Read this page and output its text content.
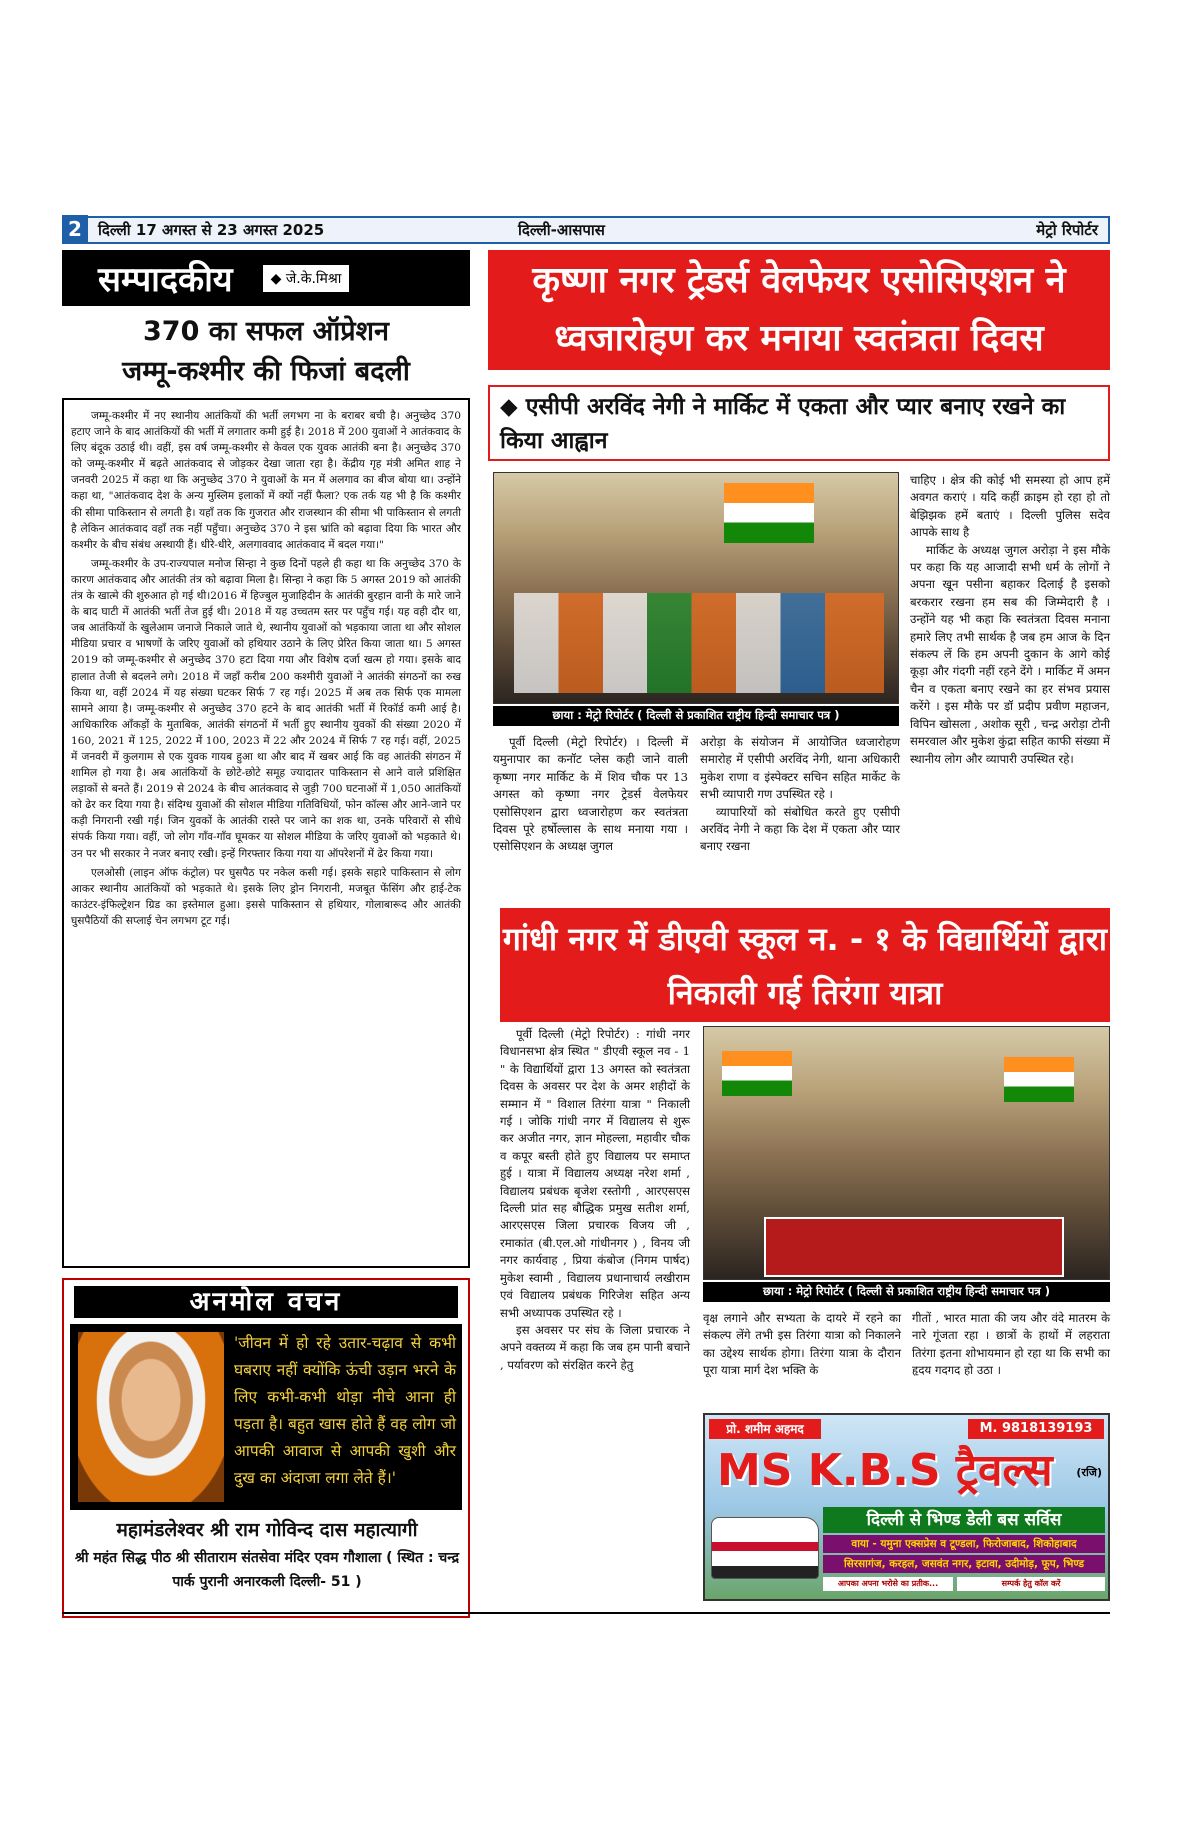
2	दिल्ली 17 अगस्त से 23 अगस्त 2025	दिल्ली-आसपास	मेट्रो रिपोर्टर
सम्पादकीय	◆ जे.के.मिश्रा
370 का सफल ऑप्रेशन
जम्मू-कश्मीर की फिजां बदली

जम्मू-कश्मीर में नए स्थानीय आतंकियों की भर्ती लगभग ना के बराबर बची है। अनुच्छेद 370 हटाए जाने के बाद आतंकियों की भर्ती में लगातार कमी हुई है। 2018 में 200 युवाओं ने आतंकवाद के लिए बंदूक उठाई थी। वहीं, इस वर्ष जम्मू-कश्मीर से केवल एक युवक आतंकी बना है। अनुच्छेद 370 को जम्मू-कश्मीर में बढ़ते आतंकवाद से जोड़कर देखा जाता रहा है। केंद्रीय गृह मंत्री अमित शाह ने जनवरी 2025 में कहा था कि अनुच्छेद 370 ने युवाओं के मन में अलगाव का बीज बोया था। उन्होंने कहा था, "आतंकवाद देश के अन्य मुस्लिम इलाकों में क्यों नहीं फैला? एक तर्क यह भी है कि कश्मीर की सीमा पाकिस्तान से लगती है। यहाँ तक कि गुजरात और राजस्थान की सीमा भी पाकिस्तान से लगती है लेकिन आतंकवाद वहाँ तक नहीं पहुँचा। अनुच्छेद 370 ने इस भ्रांति को बढ़ावा दिया कि भारत और कश्मीर के बीच संबंध अस्थायी हैं। धीरे-धीरे, अलगाववाद आतंकवाद में बदल गया।"

जम्मू-कश्मीर के उप-राज्यपाल मनोज सिन्हा ने कुछ दिनों पहले ही कहा था कि अनुच्छेद 370 के कारण आतंकवाद और आतंकी तंत्र को बढ़ावा मिला है। सिन्हा ने कहा कि 5 अगस्त 2019 को आतंकी तंत्र के खात्मे की शुरुआत हो गई थी।2016 में हिज्बुल मुजाहिदीन के आतंकी बुरहान वानी के मारे जाने के बाद घाटी में आतंकी भर्ती तेज हुई थी। 2018 में यह उच्चतम स्तर पर पहुँच गई। यह वही दौर था, जब आतंकियों के खुलेआम जनाजे निकाले जाते थे, स्थानीय युवाओं को भड़काया जाता था और सोशल मीडिया प्रचार व भाषणों के जरिए युवाओं को हथियार उठाने के लिए प्रेरित किया जाता था। 5 अगस्त 2019 को जम्मू-कश्मीर से अनुच्छेद 370 हटा दिया गया और विशेष दर्जा खत्म हो गया। इसके बाद हालात तेजी से बदलने लगे। 2018 में जहाँ करीब 200 कश्मीरी युवाओं ने आतंकी संगठनों का रुख किया था, वहीं 2024 में यह संख्या घटकर सिर्फ 7 रह गई। 2025 में अब तक सिर्फ एक मामला सामने आया है। जम्मू-कश्मीर से अनुच्छेद 370 हटने के बाद आतंकी भर्ती में रिकॉर्ड कमी आई है। आधिकारिक आँकड़ों के मुताबिक, आतंकी संगठनों में भर्ती हुए स्थानीय युवकों की संख्या 2020 में 160, 2021 में 125, 2022 में 100, 2023 में 22 और 2024 में सिर्फ 7 रह गई। वहीं, 2025 में जनवरी में कुलगाम से एक युवक गायब हुआ था और बाद में खबर आई कि वह आतंकी संगठन में शामिल हो गया है। अब आतंकियों के छोटे-छोटे समूह ज्यादातर पाकिस्तान से आने वाले प्रशिक्षित लड़ाकों से बनते हैं। 2019 से 2024 के बीच आतंकवाद से जुड़ी 700 घटनाओं में 1,050 आतंकियों को ढेर कर दिया गया है। संदिग्ध युवाओं की सोशल मीडिया गतिविधियों, फोन कॉल्स और आने-जाने पर कड़ी निगरानी रखी गई। जिन युवकों के आतंकी रास्ते पर जाने का शक था, उनके परिवारों से सीधे संपर्क किया गया। वहीं, जो लोग गाँव-गाँव घूमकर या सोशल मीडिया के जरिए युवाओं को भड़काते थे। उन पर भी सरकार ने नजर बनाए रखी। इन्हें गिरफ्तार किया गया या ऑपरेशनों में ढेर किया गया।

एलओसी (लाइन ऑफ कंट्रोल) पर घुसपैठ पर नकेल कसी गई। इसके सहारे पाकिस्तान से लोग आकर स्थानीय आतंकियों को भड़काते थे। इसके लिए ड्रोन निगरानी, मजबूत फेंसिंग और हाई-टेक काउंटर-इंफिल्ट्रेशन ग्रिड का इस्तेमाल हुआ। इससे पाकिस्तान से हथियार, गोलाबारूद और आतंकी घुसपैठियों की सप्लाई चेन लगभग टूट गई।

अनमोल वचन
'जीवन में हो रहे उतार-चढ़ाव से कभी घबराए नहीं क्योंकि ऊंची उड़ान भरने के लिए कभी-कभी थोड़ा नीचे आना ही पड़ता है। बहुत खास होते हैं वह लोग जो आपकी आवाज से आपकी खुशी और दुख का अंदाजा लगा लेते हैं।'
महामंडलेश्वर श्री राम गोविन्द दास महात्यागी
श्री महंत सिद्ध पीठ श्री सीताराम संतसेवा मंदिर एवम गौशाला ( स्थित : चन्द्र पार्क पुरानी अनारकली दिल्ली- 51 )
कृष्णा नगर ट्रेडर्स वेलफेयर एसोसिएशन ने ध्वजारोहण कर मनाया स्वतंत्रता दिवस
◆ एसीपी अरविंद नेगी ने मार्किट में एकता और प्यार बनाए रखने का किया आह्वान
छाया : मेट्रो रिपोर्टर ( दिल्ली से प्रकाशित राष्ट्रीय हिन्दी समाचार पत्र )

पूर्वी दिल्ली (मेट्रो रिपोर्टर) । दिल्ली में यमुनापार का कनॉट प्लेस कही जाने वाली कृष्णा नगर मार्किट के में शिव चौक पर 13 अगस्त को कृष्णा नगर ट्रेडर्स वेलफेयर एसोसिएशन द्वारा ध्वजारोहण कर स्वतंत्रता दिवस पूरे हर्षोल्लास के साथ मनाया गया । एसोसिएशन के अध्यक्ष जुगल

अरोड़ा के संयोजन में आयोजित ध्वजारोहण समारोह में एसीपी अरविंद नेगी, थाना अधिकारी मुकेश राणा व इंस्पेक्टर सचिन सहित मार्केट के सभी व्यापारी गण उपस्थित रहे ।

व्यापारियों को संबोधित करते हुए एसीपी अरविंद नेगी ने कहा कि देश में एकता और प्यार बनाए रखना

चाहिए । क्षेत्र की कोई भी समस्या हो आप हमें अवगत कराएं । यदि कहीं क्राइम हो रहा हो तो बेझिझक हमें बताएं । दिल्ली पुलिस सदेव आपके साथ है

मार्किट के अध्यक्ष जुगल अरोड़ा ने इस मौके पर कहा कि यह आजादी सभी धर्म के लोगों ने अपना खून पसीना बहाकर दिलाई है इसको बरकरार रखना हम सब की जिम्मेदारी है । उन्होंने यह भी कहा कि स्वतंत्रता दिवस मनाना हमारे लिए तभी सार्थक है जब हम आज के दिन संकल्प लें कि हम अपनी दुकान के आगे कोई कूड़ा और गंदगी नहीं रहने देंगे । मार्किट में अमन चैन व एकता बनाए रखने का हर संभव प्रयास करेंगे । इस मौके पर डॉ प्रदीप प्रवीण महाजन, विपिन खोसला , अशोक सूरी , चन्द्र अरोड़ा टोनी समरवाल और मुकेश कुंद्रा सहित काफी संख्या में स्थानीय लोग और व्यापारी उपस्थित रहे।

गांधी नगर में डीएवी स्कूल न. - १ के विद्यार्थियों द्वारा निकाली गई तिरंगा यात्रा

पूर्वी दिल्ली (मेट्रो रिपोर्टर) : गांधी नगर विधानसभा क्षेत्र स्थित " डीएवी स्कूल नव - 1 " के विद्यार्थियों द्वारा 13 अगस्त को स्वतंत्रता दिवस के अवसर पर देश के अमर शहीदों के सम्मान में " विशाल तिरंगा यात्रा " निकाली गई । जोकि गांधी नगर में विद्यालय से शुरू कर अजीत नगर, ज्ञान मोहल्ला, महावीर चौक व कपूर बस्ती होते हुए विद्यालय पर समाप्त हुई । यात्रा में विद्यालय अध्यक्ष नरेश शर्मा , विद्यालय प्रबंधक बृजेश रस्तोगी , आरएसएस दिल्ली प्रांत सह बौद्धिक प्रमुख सतीश शर्मा, आरएसएस जिला प्रचारक विजय जी , रमाकांत (बी.एल.ओ गांधीनगर ) , विनय जी नगर कार्यवाह , प्रिया कंबोज (निगम पार्षद) मुकेश स्वामी , विद्यालय प्रधानाचार्य लखीराम एवं विद्यालय प्रबंधक गिरिजेश सहित अन्य सभी अध्यापक उपस्थित रहे ।

इस अवसर पर संघ के जिला प्रचारक ने अपने वक्तव्य में कहा कि जब हम पानी बचाने , पर्यावरण को संरक्षित करने हेतु

छाया : मेट्रो रिपोर्टर ( दिल्ली से प्रकाशित राष्ट्रीय हिन्दी समाचार पत्र )

वृक्ष लगाने और सभ्यता के दायरे में रहने का संकल्प लेंगे तभी इस तिरंगा यात्रा को निकालने का उद्देश्य सार्थक होगा। तिरंगा यात्रा के दौरान पूरा यात्रा मार्ग देश भक्ति के

गीतों , भारत माता की जय और वंदे मातरम के नारे गूंजता रहा । छात्रों के हाथों में लहराता तिरंगा इतना शोभायमान हो रहा था कि सभी का हृदय गदगद हो उठा ।

प्रो. शमीम अहमद	M. 9818139193
MS K.B.S ट्रैवल्स	(रजि)
दिल्ली से भिण्ड डेली बस सर्विस
वाया - यमुना एक्सप्रेस व टूण्डला, फिरोजाबाद, शिकोहाबाद
सिरसागंज, करहल, जसवंत नगर, इटावा, उदीमोड़, फूप, भिण्ड
आपका अपना भरोसे का प्रतीक...	सम्पर्क हेतु कॉल करें
